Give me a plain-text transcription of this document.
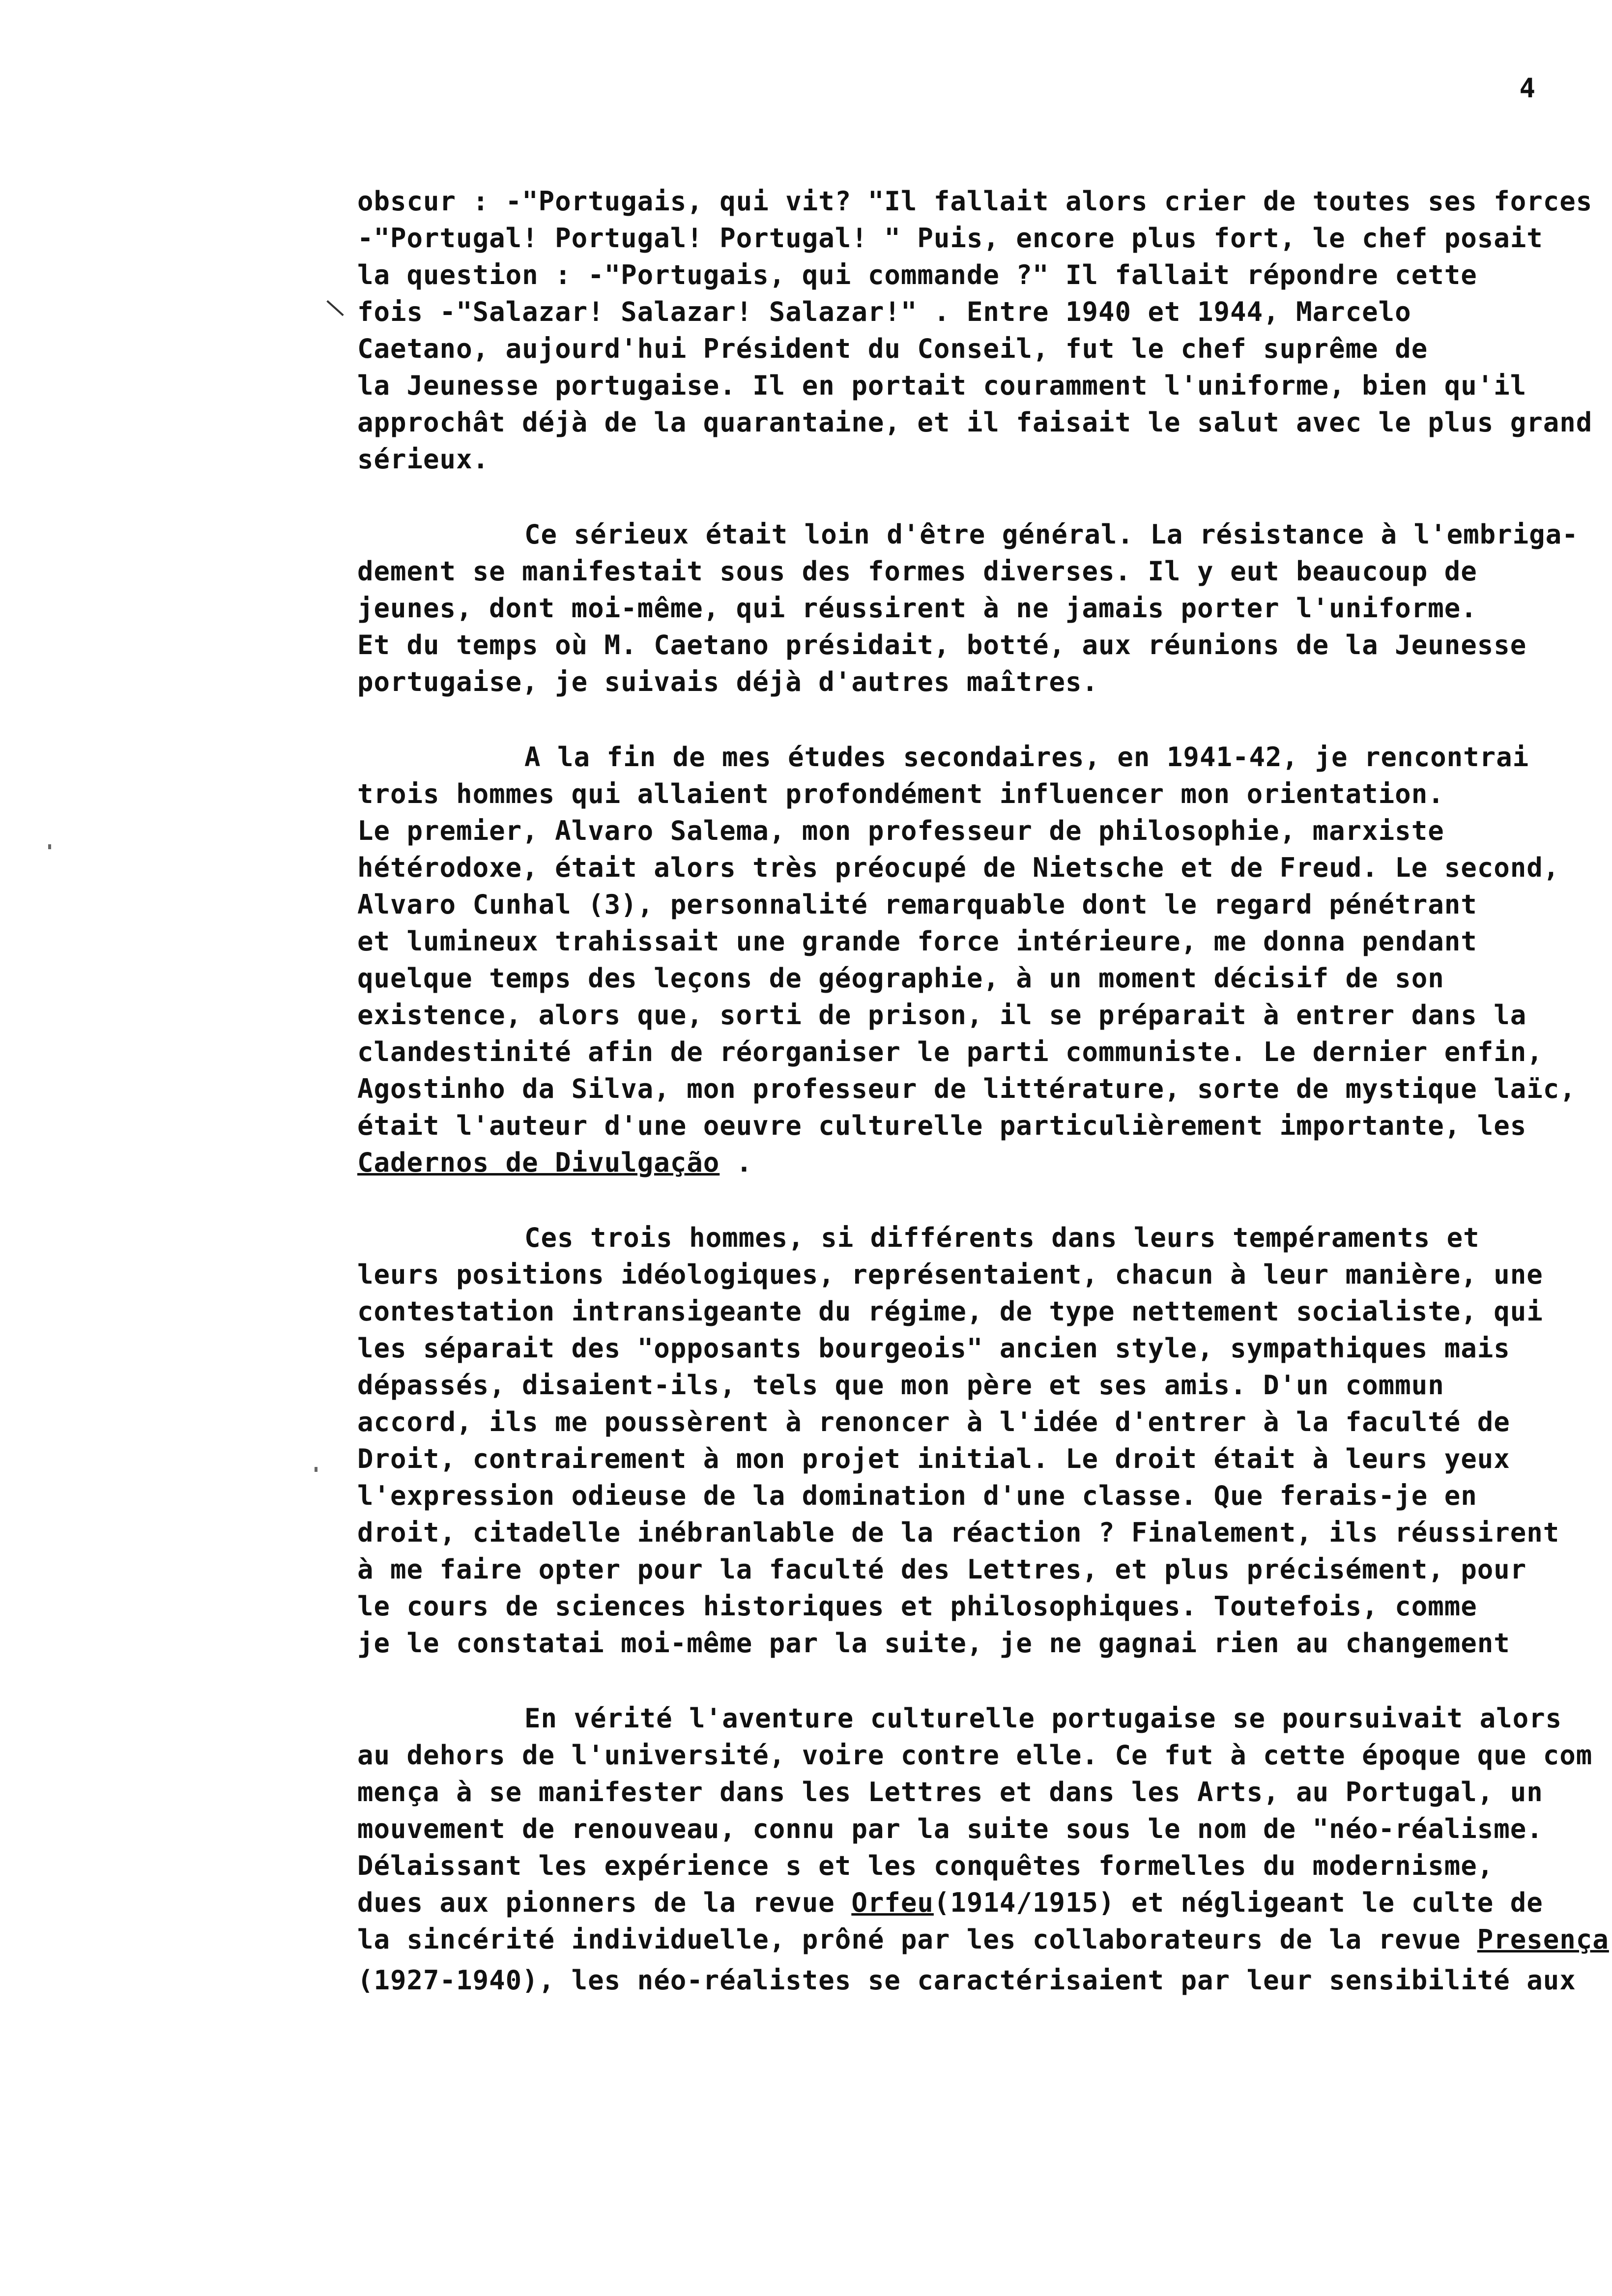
4
obscur : -"Portugais, qui vit? "Il fallait alors crier de toutes ses forces
-"Portugal! Portugal! Portugal! " Puis, encore plus fort, le chef posait
la question : -"Portugais, qui commande ?" Il fallait répondre cette
fois -"Salazar! Salazar! Salazar!" . Entre 1940 et 1944, Marcelo
Caetano, aujourd'hui Président du Conseil, fut le chef suprême de
la Jeunesse portugaise. Il en portait couramment l'uniforme, bien qu'il
approchât déjà de la quarantaine, et il faisait le salut avec le plus grand
sérieux.
Ce sérieux était loin d'être général. La résistance à l'embriga-
dement se manifestait sous des formes diverses. Il y eut beaucoup de
jeunes, dont moi-même, qui réussirent à ne jamais porter l'uniforme.
Et du temps où M. Caetano présidait, botté, aux réunions de la Jeunesse
portugaise, je suivais déjà d'autres maîtres.
A la fin de mes études secondaires, en 1941-42, je rencontrai
trois hommes qui allaient profondément influencer mon orientation.
Le premier, Alvaro Salema, mon professeur de philosophie, marxiste
hétérodoxe, était alors très préocupé de Nietsche et de Freud. Le second,
Alvaro Cunhal (3), personnalité remarquable dont le regard pénétrant
et lumineux trahissait une grande force intérieure, me donna pendant
quelque temps des leçons de géographie, à un moment décisif de son
existence, alors que, sorti de prison, il se préparait à entrer dans la
clandestinité afin de réorganiser le parti communiste. Le dernier enfin,
Agostinho da Silva, mon professeur de littérature, sorte de mystique laïc,
était l'auteur d'une oeuvre culturelle particulièrement importante, les
Cadernos de Divulgação .
Ces trois hommes, si différents dans leurs tempéraments et
leurs positions idéologiques, représentaient, chacun à leur manière, une
contestation intransigeante du régime, de type nettement socialiste, qui
les séparait des "opposants bourgeois" ancien style, sympathiques mais
dépassés, disaient-ils, tels que mon père et ses amis. D'un commun
accord, ils me poussèrent à renoncer à l'idée d'entrer à la faculté de
Droit, contrairement à mon projet initial. Le droit était à leurs yeux
l'expression odieuse de la domination d'une classe. Que ferais-je en
droit, citadelle inébranlable de la réaction ? Finalement, ils réussirent
à me faire opter pour la faculté des Lettres, et plus précisément, pour
le cours de sciences historiques et philosophiques. Toutefois, comme
je le constatai moi-même par la suite, je ne gagnai rien au changement
En vérité l'aventure culturelle portugaise se poursuivait alors
au dehors de l'université, voire contre elle. Ce fut à cette époque que com
mença à se manifester dans les Lettres et dans les Arts, au Portugal, un
mouvement de renouveau, connu par la suite sous le nom de "néo-réalisme.
Délaissant les expérience s et les conquêtes formelles du modernisme,
dues aux pionners de la revue Orfeu(1914/1915) et négligeant le culte de
la sincérité individuelle, prôné par les collaborateurs de la revue Presença
(1927-1940), les néo-réalistes se caractérisaient par leur sensibilité aux
